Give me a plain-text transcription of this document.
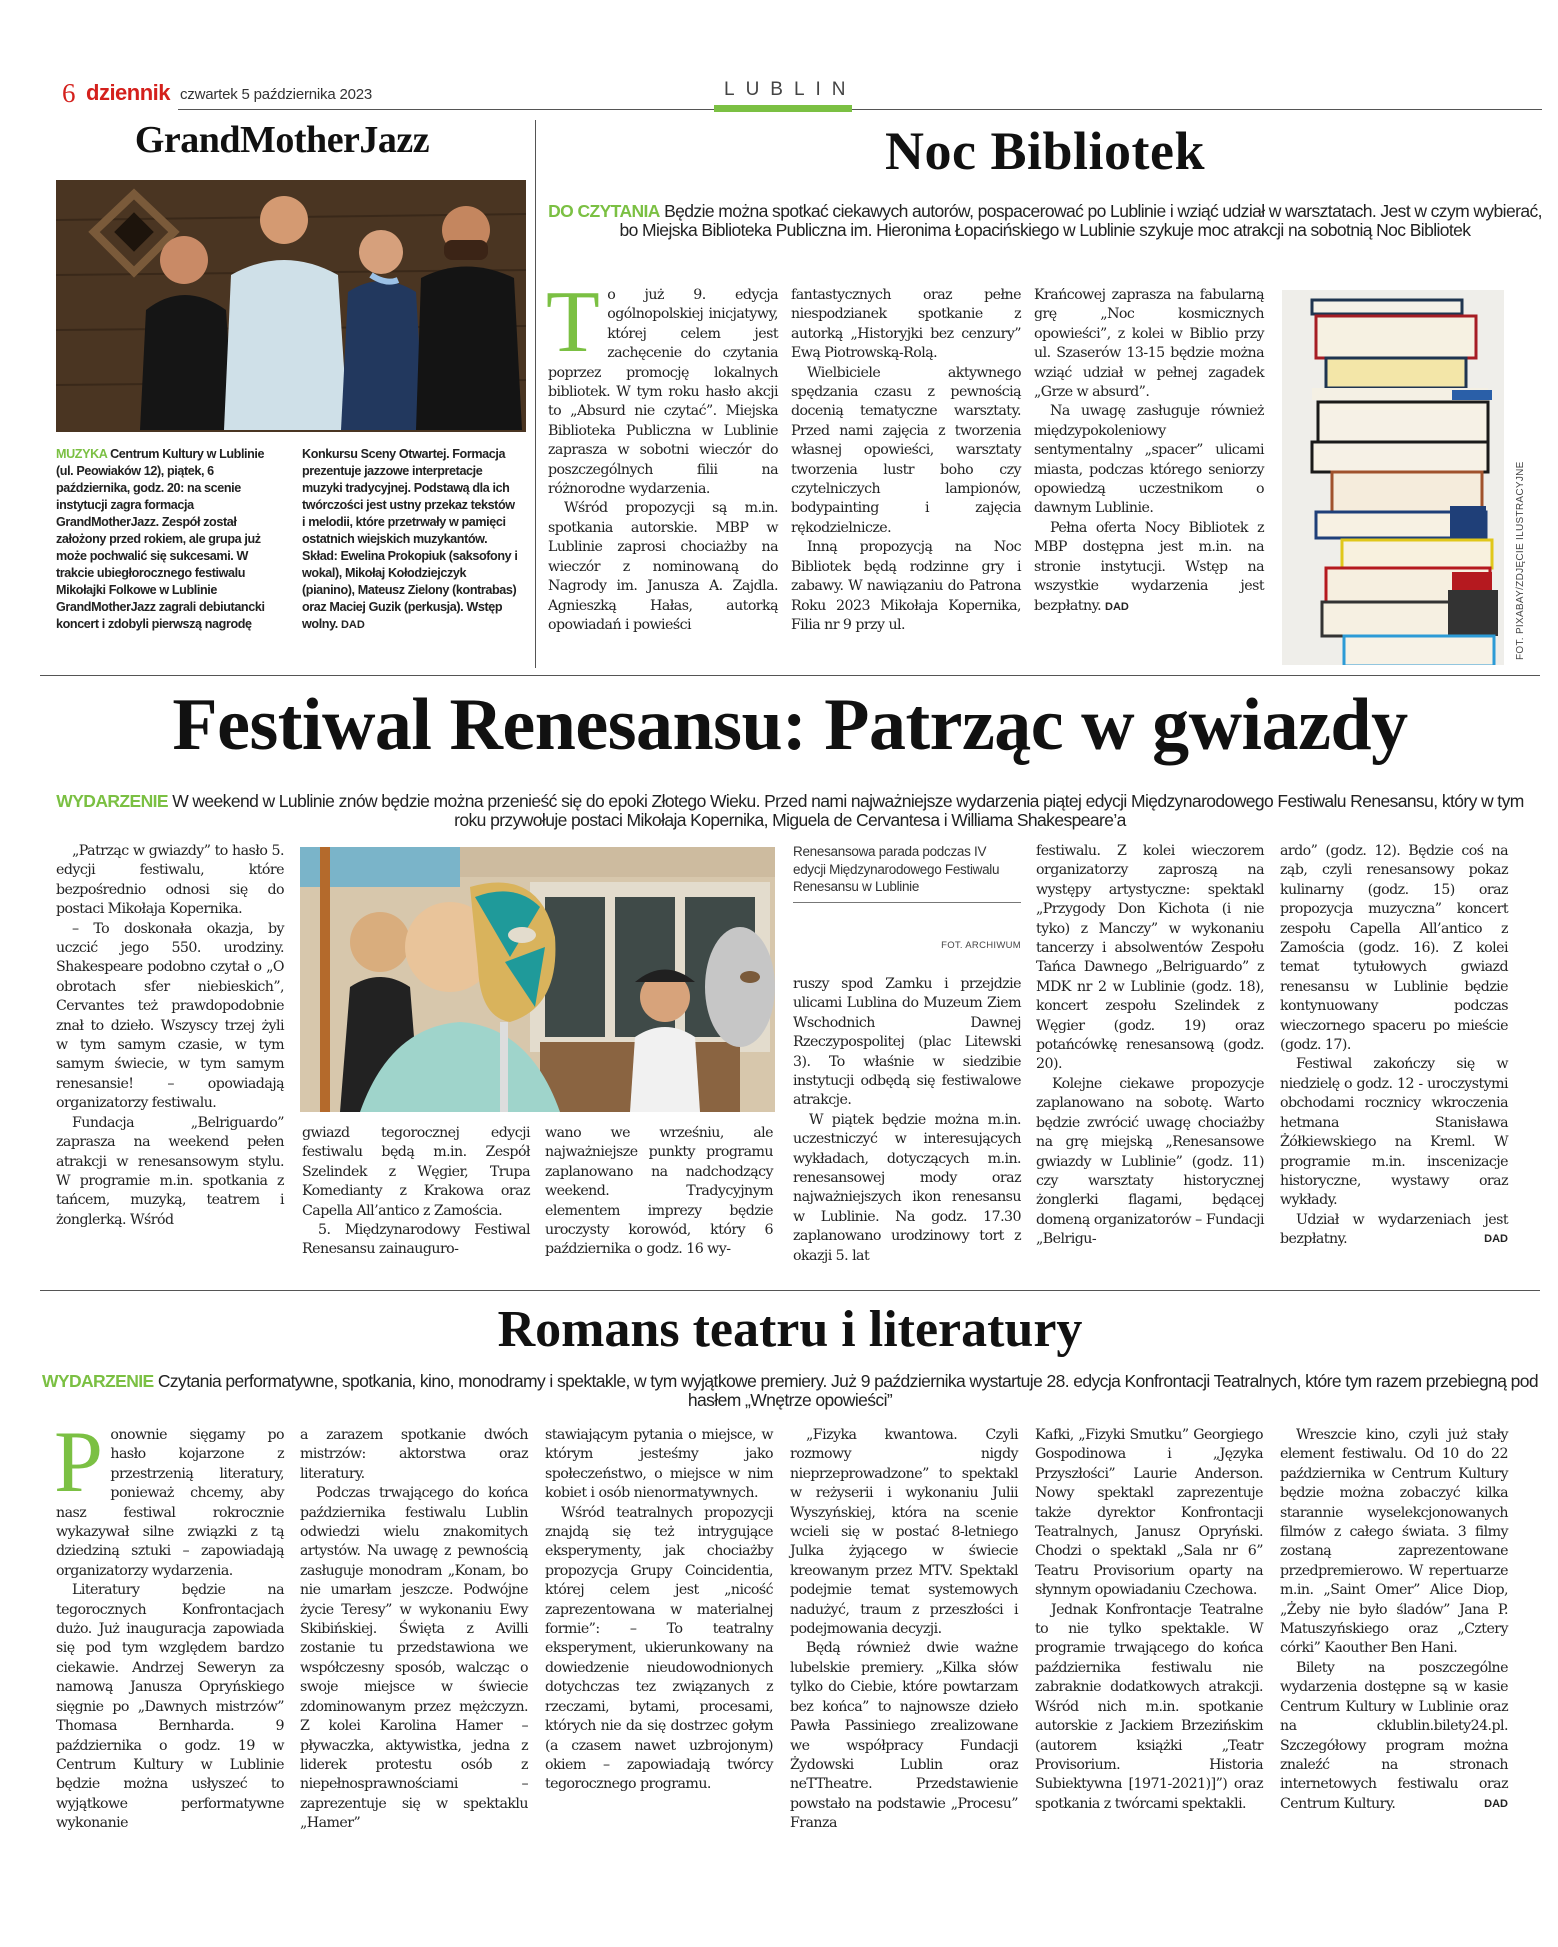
6 dziennik czwartek 5 października 2023	LUBLIN
GrandMotherJazz
MUZYKA Centrum Kultury w Lublinie (ul. Peowiaków 12), piątek, 6 października, godz. 20: na scenie instytucji zagra formacja GrandMotherJazz. Zespół został założony przed rokiem, ale grupa już może pochwalić się sukcesami. W trakcie ubiegłorocznego festiwalu Mikołajki Folkowe w Lublinie GrandMotherJazz zagrali debiutancki koncert i zdobyli pierwszą nagrodę
Konkursu Sceny Otwartej. Formacja prezentuje jazzowe interpretacje muzyki tradycyjnej. Podstawą dla ich twórczości jest ustny przekaz tekstów i melodii, które przetrwały w pamięci ostatnich wiejskich muzykantów. Skład: Ewelina Prokopiuk (saksofony i wokal), Mikołaj Kołodziejczyk (pianino), Mateusz Zielony (kontrabas) oraz Maciej Guzik (perkusja). Wstęp wolny. DAD
Noc Bibliotek

DO CZYTANIA Będzie można spotkać ciekawych autorów, pospacerować po Lublinie i wziąć udział w warsztatach. Jest w czym wybierać, bo Miejska Biblioteka Publiczna im. Hieronima Łopacińskiego w Lublinie szykuje moc atrakcji na sobotnią Noc Bibliotek

To już 9. edycja ogólnopolskiej inicjatywy, której celem jest zachęcenie do czytania poprzez promocję lokalnych bibliotek. W tym roku hasło akcji to „Absurd nie czytać”. Miejska Biblioteka Publiczna w Lublinie zaprasza w sobotni wieczór do poszczególnych filii na różnorodne wydarzenia.

Wśród propozycji są m.in. spotkania autorskie. MBP w Lublinie zaprosi chociażby na wieczór z nominowaną do Nagrody im. Janusza A. Zajdla. Agnieszką Hałas, autorką opowiadań i powieści

fantastycznych oraz pełne niespodzianek spotkanie z autorką „Historyjki bez cenzury” Ewą Piotrowską-Rolą.

Wielbiciele aktywnego spędzania czasu z pewnością docenią tematyczne warsztaty. Przed nami zajęcia z tworzenia własnej opowieści, warsztaty tworzenia lustr boho czy czytelniczych lampionów, bodypainting i zajęcia rękodzielnicze.

Inną propozycją na Noc Bibliotek będą rodzinne gry i zabawy. W nawiązaniu do Patrona Roku 2023 Mikołaja Kopernika, Filia nr 9 przy ul.

Krańcowej zaprasza na fabularną grę „Noc kosmicznych opowieści”, z kolei w Biblio przy ul. Szaserów 13-15 będzie można wziąć udział w pełnej zagadek „Grze w absurd”.

Na uwagę zasługuje również międzypokoleniowy sentymentalny „spacer” ulicami miasta, podczas którego seniorzy opowiedzą uczestnikom o dawnym Lublinie.

Pełna oferta Nocy Bibliotek z MBP dostępna jest m.in. na stronie instytucji. Wstęp na wszystkie wydarzenia jest bezpłatny. DAD	FOT. PIXABAY/ZDJĘCIE ILUSTRACYJNE
Festiwal Renesansu: Patrząc w gwiazdy

WYDARZENIE W weekend w Lublinie znów będzie można przenieść się do epoki Złotego Wieku. Przed nami najważniejsze wydarzenia piątej edycji Międzynarodowego Festiwalu Renesansu, który w tym roku przywołuje postaci Mikołaja Kopernika, Miguela de Cervantesa i Williama Shakespeare’a

„Patrząc w gwiazdy” to hasło 5. edycji festiwalu, które bezpośrednio odnosi się do postaci Mikołaja Kopernika.

– To doskonała okazja, by uczcić jego 550. urodziny. Shakespeare podobno czytał o „O obrotach sfer niebieskich”, Cervantes też prawdopodobnie znał to dzieło. Wszyscy trzej żyli w tym samym czasie, w tym samym świecie, w tym samym renesansie! – opowiadają organizatorzy festiwalu.

Fundacja „Belriguardo” zaprasza na weekend pełen atrakcji w renesansowym stylu. W programie m.in. spotkania z tańcem, muzyką, teatrem i żonglerką. Wśród

gwiazd tegorocznej edycji festiwalu będą m.in. Zespół Szelindek z Węgier, Trupa Komedianty z Krakowa oraz Capella All’antico z Zamościa.

5. Międzynarodowy Festiwal Renesansu zainauguro-

wano we wrześniu, ale najważniejsze punkty programu zaplanowano na nadchodzący weekend. Tradycyjnym elementem imprezy będzie uroczysty korowód, który 6 października o godz. 16 wy-

Renesansowa parada podczas IV edycji Międzynarodowego Festiwalu Renesansu w Lublinie
FOT. ARCHIWUM

ruszy spod Zamku i przejdzie ulicami Lublina do Muzeum Ziem Wschodnich Dawnej Rzeczypospolitej (plac Litewski 3). To właśnie w siedzibie instytucji odbędą się festiwalowe atrakcje.

W piątek będzie można m.in. uczestniczyć w interesujących wykładach, dotyczących m.in. renesansowej mody oraz najważniejszych ikon renesansu w Lublinie. Na godz. 17.30 zaplanowano urodzinowy tort z okazji 5. lat

festiwalu. Z kolei wieczorem organizatorzy zaproszą na występy artystyczne: spektakl „Przygody Don Kichota (i nie tyko) z Manczy” w wykonaniu tancerzy i absolwentów Zespołu Tańca Dawnego „Belriguardo” z MDK nr 2 w Lublinie (godz. 18), koncert zespołu Szelindek z Węgier (godz. 19) oraz potańcówkę renesansową (godz. 20).

Kolejne ciekawe propozycje zaplanowano na sobotę. Warto będzie zwrócić uwagę chociażby na grę miejską „Renesansowe gwiazdy w Lublinie” (godz. 11) czy warsztaty historycznej żonglerki flagami, będącej domeną organizatorów – Fundacji „Belrigu-

ardo” (godz. 12). Będzie coś na ząb, czyli renesansowy pokaz kulinarny (godz. 15) oraz propozycja muzyczna” koncert zespołu Capella All’antico z Zamościa (godz. 16). Z kolei temat tytułowych gwiazd renesansu w Lublinie będzie kontynuowany podczas wieczornego spaceru po mieście (godz. 17).

Festiwal zakończy się w niedzielę o godz. 12 - uroczystymi obchodami rocznicy wkroczenia hetmana Stanisława Żółkiewskiego na Kreml. W programie m.in. inscenizacje historyczne, wystawy oraz wykłady.

Udział w wydarzeniach jest bezpłatny.	DAD

Romans teatru i literatury

WYDARZENIE Czytania performatywne, spotkania, kino, monodramy i spektakle, w tym wyjątkowe premiery. Już 9 października wystartuje 28. edycja Konfrontacji Teatralnych, które tym razem przebiegną pod hasłem „Wnętrze opowieści”

Ponownie sięgamy po hasło kojarzone z przestrzenią literatury, ponieważ chcemy, aby nasz festiwal rokrocznie wykazywał silne związki z tą dziedziną sztuki – zapowiadają organizatorzy wydarzenia.

Literatury będzie na tegorocznych Konfrontacjach dużo. Już inauguracja zapowiada się pod tym względem bardzo ciekawie. Andrzej Seweryn za namową Janusza Opryńskiego sięgnie po „Dawnych mistrzów” Thomasa Bernharda. 9 października o godz. 19 w Centrum Kultury w Lublinie będzie można usłyszeć to wyjątkowe performatywne wykonanie

a zarazem spotkanie dwóch mistrzów: aktorstwa oraz literatury.

Podczas trwającego do końca października festiwalu Lublin odwiedzi wielu znakomitych artystów. Na uwagę z pewnością zasługuje monodram „Konam, bo nie umarłam jeszcze. Podwójne życie Teresy” w wykonaniu Ewy Skibińskiej. Święta z Avilli zostanie tu przedstawiona we współczesny sposób, walcząc o swoje miejsce w świecie zdominowanym przez mężczyzn. Z kolei Karolina Hamer – pływaczka, aktywistka, jedna z liderek protestu osób z niepełnosprawnościami – zaprezentuje się w spektaklu „Hamer”

stawiającym pytania o miejsce, w którym jesteśmy jako społeczeństwo, o miejsce w nim kobiet i osób nienormatywnych.

Wśród teatralnych propozycji znajdą się też intrygujące eksperymenty, jak chociażby propozycja Grupy Coincidentia, której celem jest „nicość zaprezentowana w materialnej formie”: – To teatralny eksperyment, ukierunkowany na dowiedzenie nieudowodnionych dotychczas tez związanych z rzeczami, bytami, procesami, których nie da się dostrzec gołym (a czasem nawet uzbrojonym) okiem – zapowiadają twórcy tegorocznego programu.

„Fizyka kwantowa. Czyli rozmowy nigdy nieprzeprowadzone” to spektakl w reżyserii i wykonaniu Julii Wyszyńskiej, która na scenie wcieli się w postać 8-letniego Julka żyjącego w świecie kreowanym przez MTV. Spektakl podejmie temat systemowych nadużyć, traum z przeszłości i podejmowania decyzji.

Będą również dwie ważne lubelskie premiery. „Kilka słów tylko do Ciebie, które powtarzam bez końca” to najnowsze dzieło Pawła Passiniego zrealizowane we współpracy Fundacji Żydowski Lublin oraz neTTheatre. Przedstawienie powstało na podstawie „Procesu” Franza

Kafki, „Fizyki Smutku” Georgiego Gospodinowa i „Języka Przyszłości” Laurie Anderson. Nowy spektakl zaprezentuje także dyrektor Konfrontacji Teatralnych, Janusz Opryński. Chodzi o spektakl „Sala nr 6” Teatru Provisorium oparty na słynnym opowiadaniu Czechowa.

Jednak Konfrontacje Teatralne to nie tylko spektakle. W programie trwającego do końca października festiwalu nie zabraknie dodatkowych atrakcji. Wśród nich m.in. spotkanie autorskie z Jackiem Brzezińskim (autorem książki „Teatr Provisorium. Historia Subiektywna [1971-2021)]”) oraz spotkania z twórcami spektakli.

Wreszcie kino, czyli już stały element festiwalu. Od 10 do 22 października w Centrum Kultury będzie można zobaczyć kilka starannie wyselekcjonowanych filmów z całego świata. 3 filmy zostaną zaprezentowane przedpremierowo. W repertuarze m.in. „Saint Omer” Alice Diop, „Żeby nie było śladów” Jana P. Matuszyńskiego oraz „Cztery córki” Kaouther Ben Hani.

Bilety na poszczególne wydarzenia dostępne są w kasie Centrum Kultury w Lublinie oraz na cklublin.bilety24.pl. Szczegółowy program można znaleźć na stronach internetowych festiwalu oraz Centrum Kultury.	DAD
